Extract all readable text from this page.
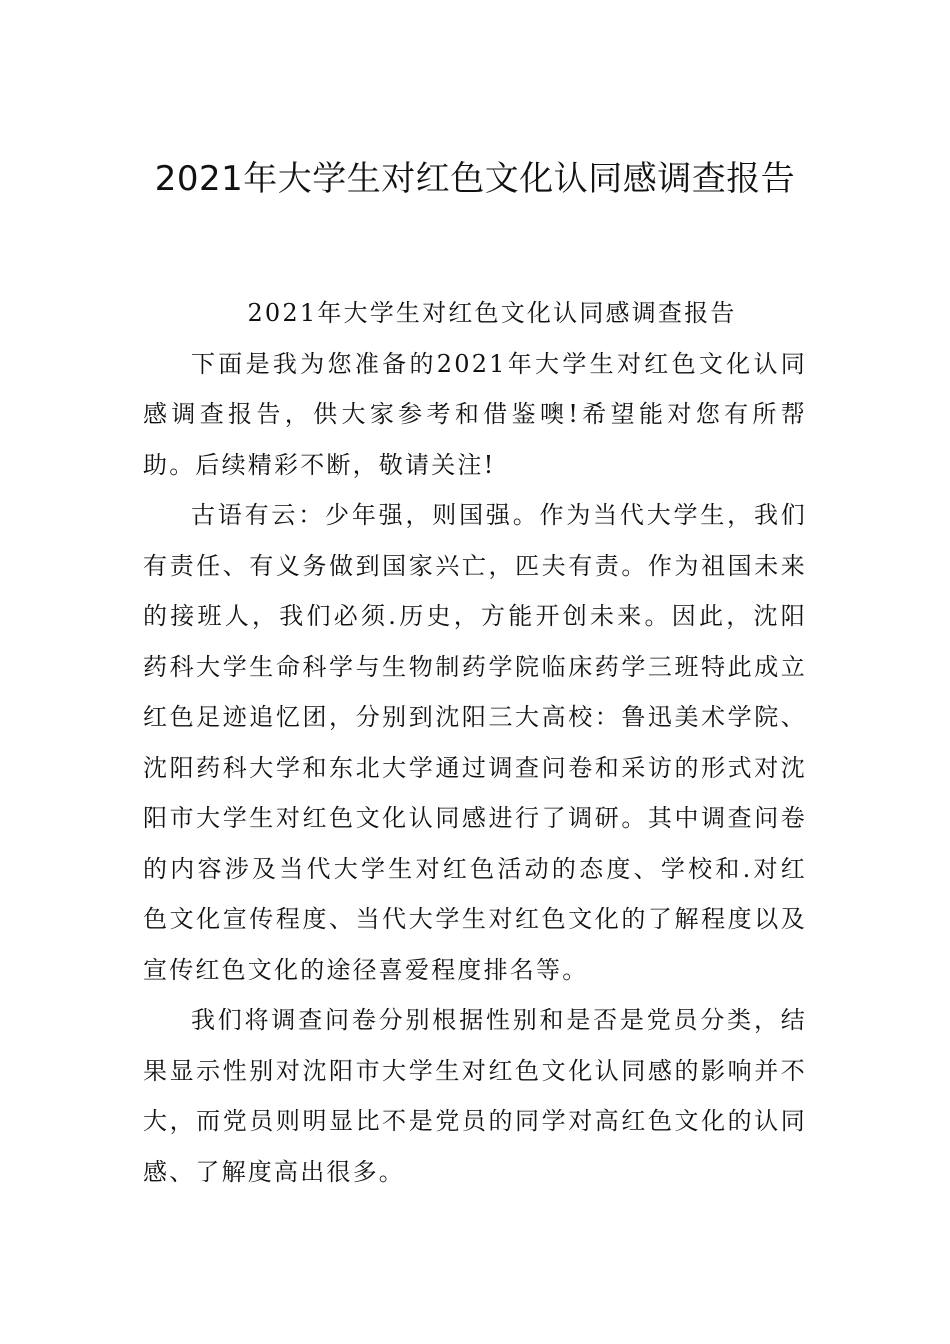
2021年大学生对红色文化认同感调查报告

2021年大学生对红色文化认同感调查报告

下面是我为您准备的2021年大学生对红色文化认同感调查报告，供大家参考和借鉴噢!希望能对您有所帮助。后续精彩不断，敬请关注!

古语有云：少年强，则国强。作为当代大学生，我们有责任、有义务做到国家兴亡，匹夫有责。作为祖国未来的接班人，我们必须.历史，方能开创未来。因此，沈阳药科大学生命科学与生物制药学院临床药学三班特此成立红色足迹追忆团，分别到沈阳三大高校：鲁迅美术学院、沈阳药科大学和东北大学通过调查问卷和采访的形式对沈阳市大学生对红色文化认同感进行了调研。其中调查问卷的内容涉及当代大学生对红色活动的态度、学校和.对红色文化宣传程度、当代大学生对红色文化的了解程度以及宣传红色文化的途径喜爱程度排名等。

我们将调查问卷分别根据性别和是否是党员分类，结果显示性别对沈阳市大学生对红色文化认同感的影响并不大，而党员则明显比不是党员的同学对高红色文化的认同感、了解度高出很多。
